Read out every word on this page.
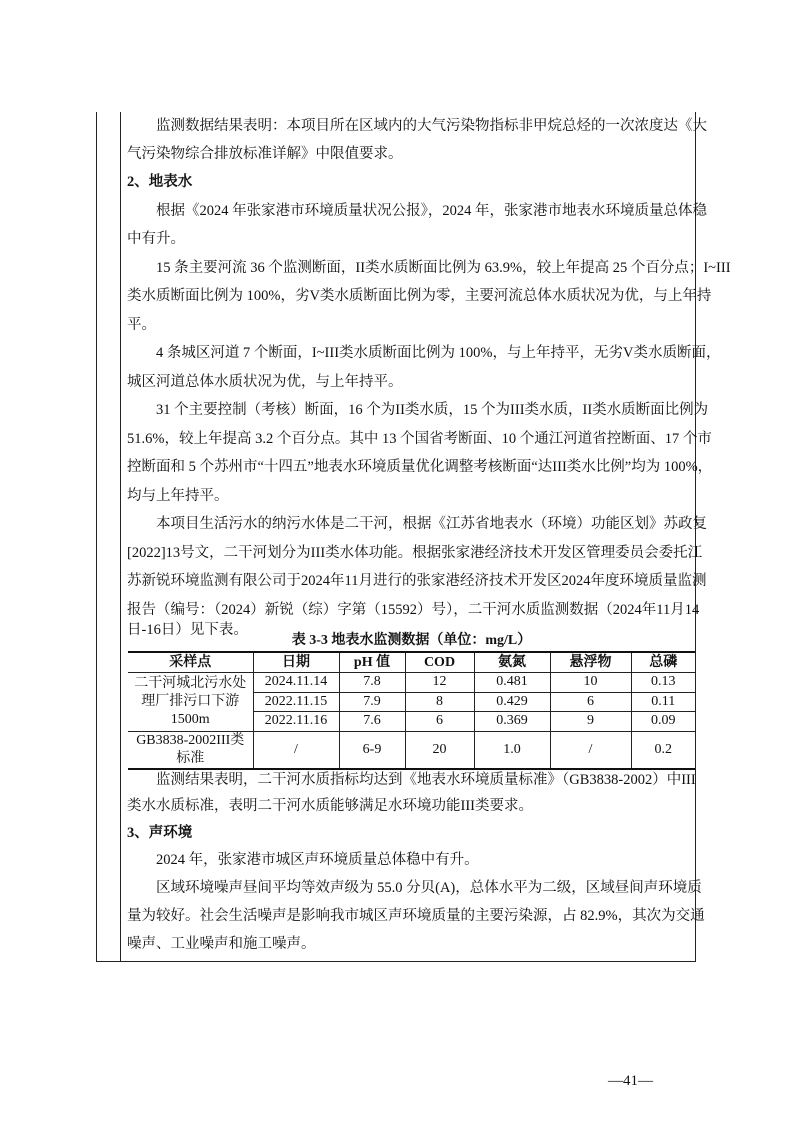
监测数据结果表明：本项目所在区域内的大气污染物指标非甲烷总烃的一次浓度达《大
气污染物综合排放标准详解》中限值要求。
2、地表水
根据《2024 年张家港市环境质量状况公报》，2024 年，张家港市地表水环境质量总体稳
中有升。
15 条主要河流 36 个监测断面，II类水质断面比例为 63.9%，较上年提高 25 个百分点；I~III
类水质断面比例为 100%，劣V类水质断面比例为零，主要河流总体水质状况为优，与上年持
平。
4 条城区河道 7 个断面，I~III类水质断面比例为 100%，与上年持平，无劣V类水质断面，
城区河道总体水质状况为优，与上年持平。
31 个主要控制（考核）断面，16 个为II类水质，15 个为III类水质，II类水质断面比例为
51.6%，较上年提高 3.2 个百分点。其中 13 个国省考断面、10 个通江河道省控断面、17 个市
控断面和 5 个苏州市“十四五”地表水环境质量优化调整考核断面“达III类水比例”均为 100%，
均与上年持平。
本项目生活污水的纳污水体是二干河，根据《江苏省地表水（环境）功能区划》苏政复
[2022]13号文，二干河划分为III类水体功能。根据张家港经济技术开发区管理委员会委托江
苏新锐环境监测有限公司于2024年11月进行的张家港经济技术开发区2024年度环境质量监测
报告（编号：（2024）新锐（综）字第（15592）号），二干河水质监测数据（2024年11月14
日-16日）见下表。
表 3-3 地表水监测数据（单位：mg/L）
采样点	日期	pH 值	COD	氨氮	悬浮物	总磷
二干河城北污水处理厂排污口下游 1500m	2024.11.14	7.8	12	0.481	10	0.13
	2022.11.15	7.9	8	0.429	6	0.11
	2022.11.16	7.6	6	0.369	9	0.09
GB3838-2002III类标准	/	6-9	20	1.0	/	0.2
监测结果表明，二干河水质指标均达到《地表水环境质量标准》（GB3838-2002）中III
类水水质标准，表明二干河水质能够满足水环境功能III类要求。
3、声环境
2024 年，张家港市城区声环境质量总体稳中有升。
区域环境噪声昼间平均等效声级为 55.0 分贝(A)，总体水平为二级，区域昼间声环境质
量为较好。社会生活噪声是影响我市城区声环境质量的主要污染源，占 82.9%，其次为交通
噪声、工业噪声和施工噪声。
—41—
